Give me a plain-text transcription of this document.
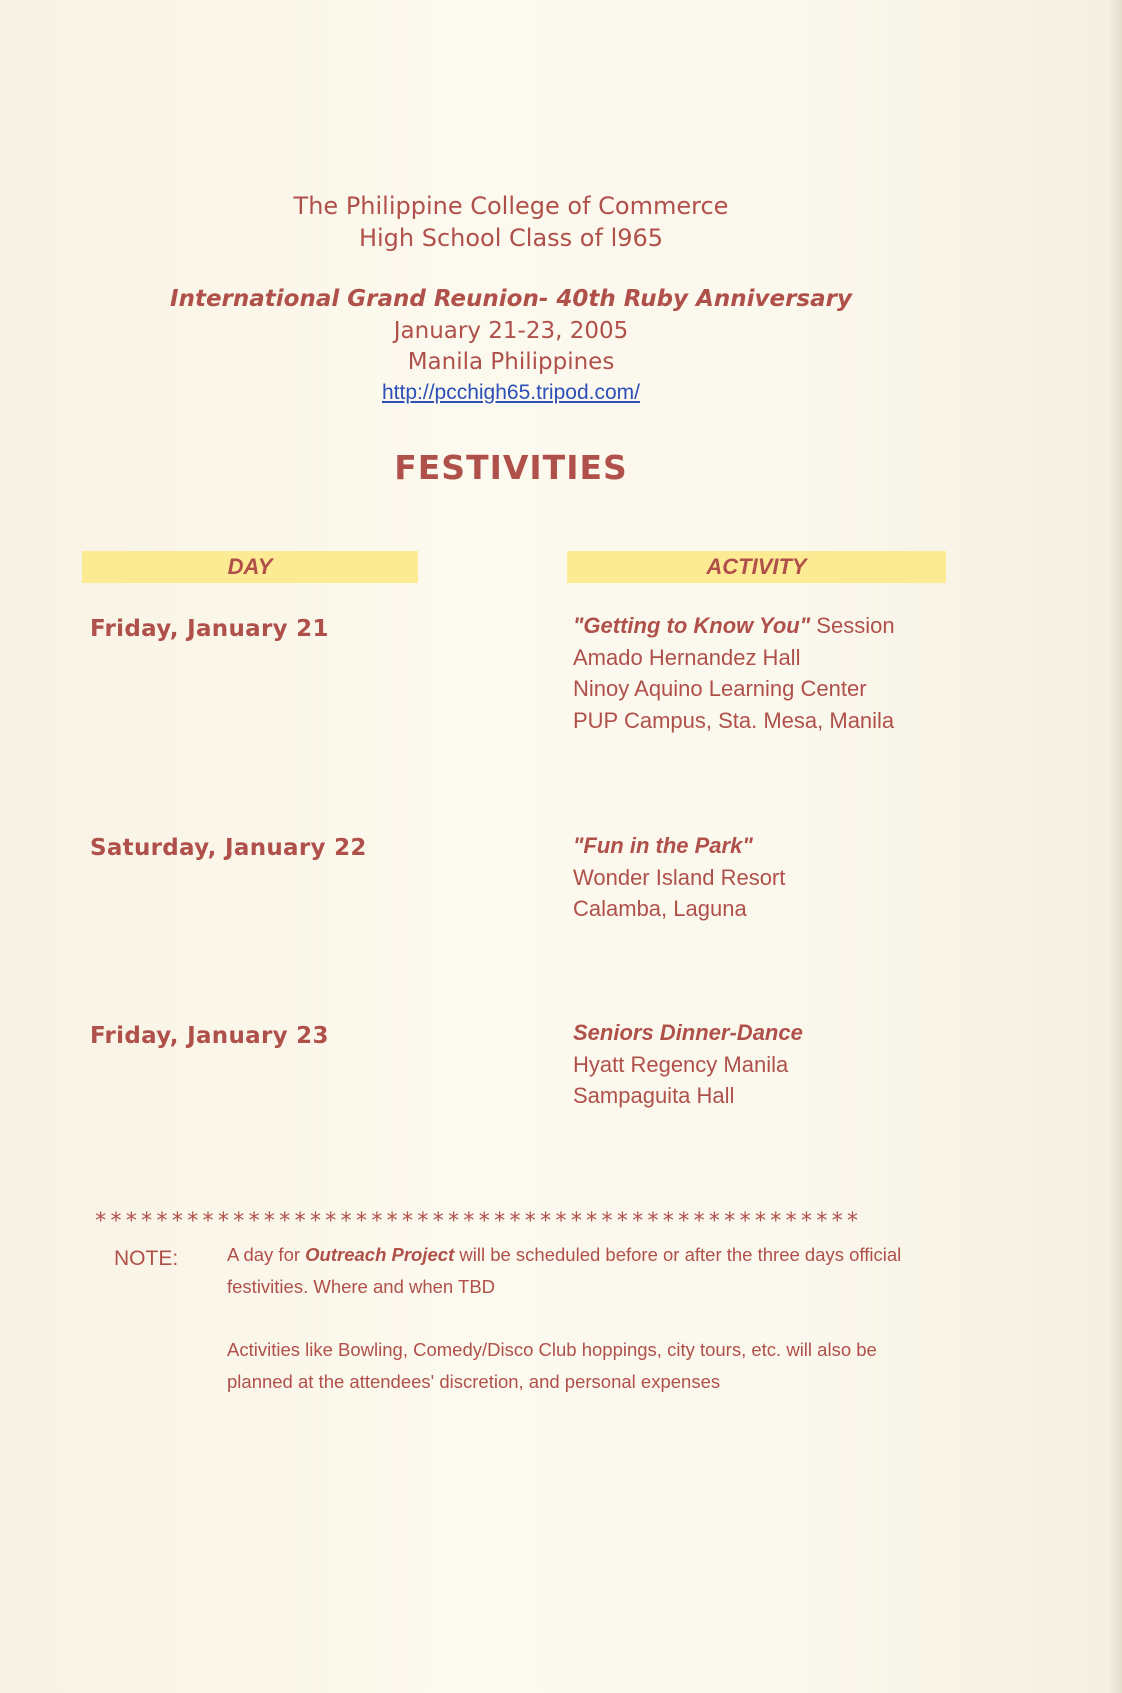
The Philippine College of Commerce
High School Class of l965
International Grand Reunion- 40th Ruby Anniversary
January 21-23, 2005
Manila Philippines
http://pcchigh65.tripod.com/
FESTIVITIES
DAY	ACTIVITY
Friday, January 21	"Getting to Know You" Session
Amado Hernandez Hall
Ninoy Aquino Learning Center
PUP Campus, Sta. Mesa, Manila
Saturday, January 22	"Fun in the Park"
Wonder Island Resort
Calamba, Laguna
Friday, January 23	Seniors Dinner-Dance
Hyatt Regency Manila
Sampaguita Hall
**************************************************
NOTE:	A day for Outreach Project will be scheduled before or after the three days official festivities. Where and when TBD
Activities like Bowling, Comedy/Disco Club hoppings, city tours, etc. will also be planned at the attendees' discretion, and personal expenses
